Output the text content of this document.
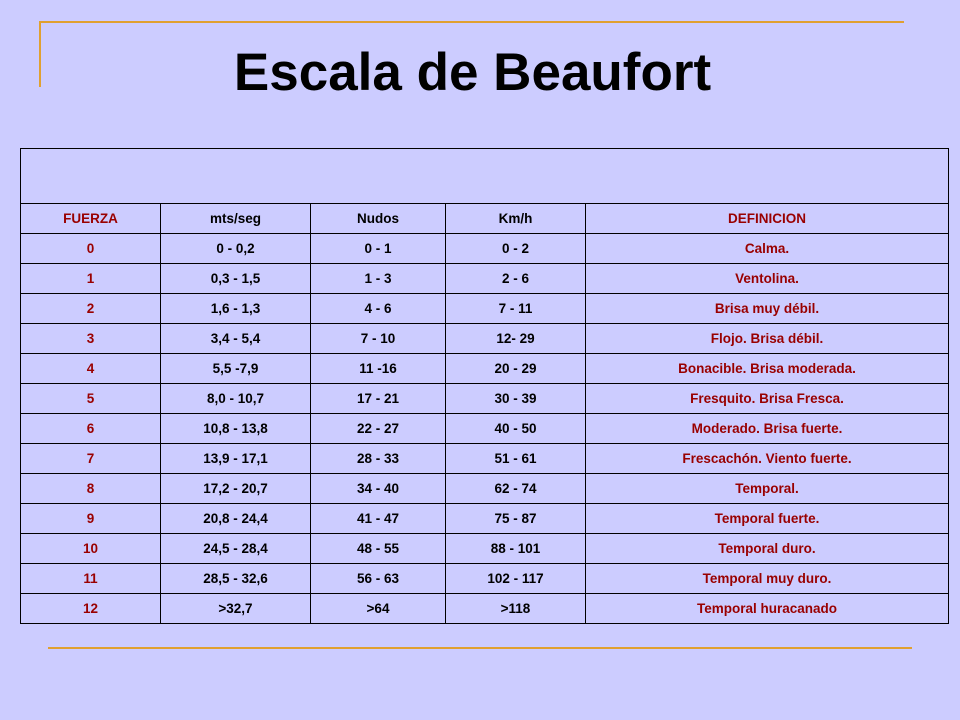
Escala de Beaufort

FUERZA	mts/seg	Nudos	Km/h	DEFINICION
0	0 - 0,2	0 - 1	0 - 2	Calma.
1	0,3 - 1,5	1 - 3	2 - 6	Ventolina.
2	1,6 - 1,3	4 - 6	7 - 11	Brisa muy débil.
3	3,4 - 5,4	7 - 10	12- 29	Flojo. Brisa débil.
4	5,5 -7,9	11 -16	20 - 29	Bonacible. Brisa moderada.
5	8,0 - 10,7	17 - 21	30 - 39	Fresquito. Brisa Fresca.
6	10,8 - 13,8	22 - 27	40 - 50	Moderado. Brisa fuerte.
7	13,9 - 17,1	28 - 33	51 - 61	Frescachón. Viento fuerte.
8	17,2 - 20,7	34 - 40	62 - 74	Temporal.
9	20,8 - 24,4	41 - 47	75 - 87	Temporal fuerte.
10	24,5 - 28,4	48 - 55	88 - 101	Temporal duro.
11	28,5 - 32,6	56 - 63	102 - 117	Temporal muy duro.
12	>32,7	>64	>118	Temporal huracanado
